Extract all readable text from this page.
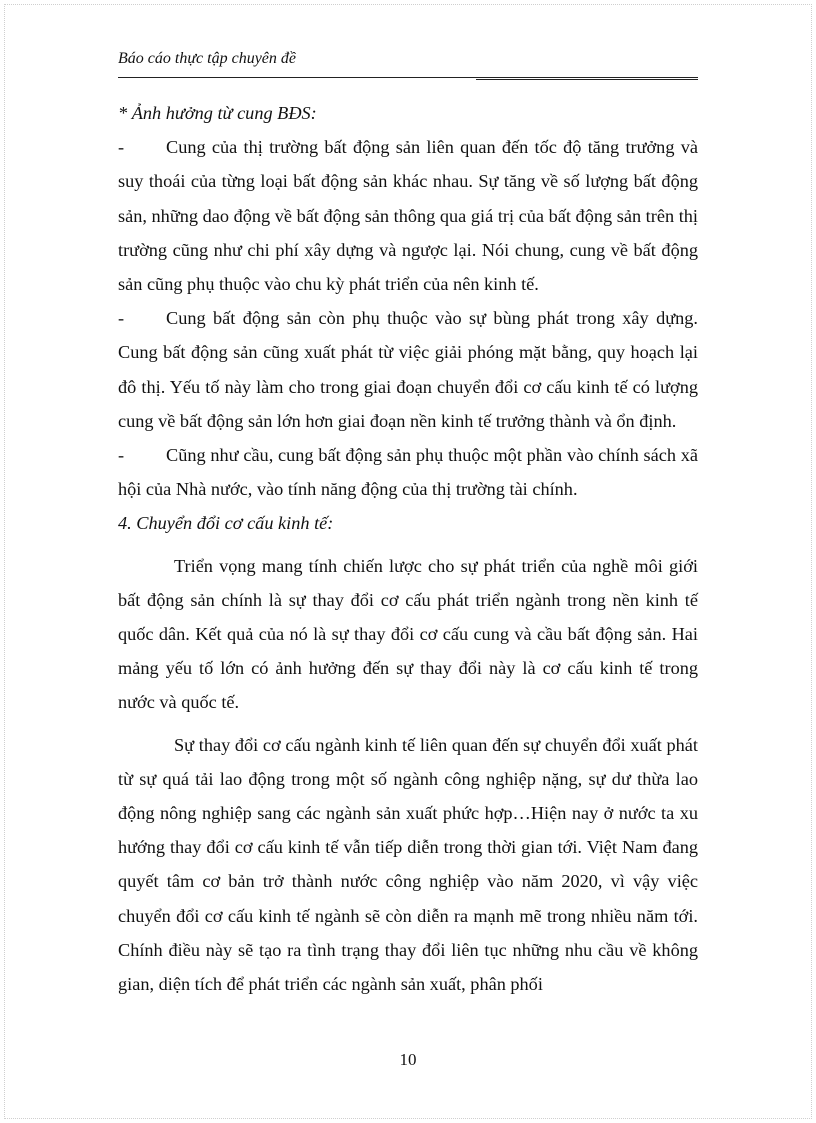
Báo cáo thực tập chuyên đề

* Ảnh hưởng từ cung BĐS:

- Cung của thị trường bất động sản liên quan đến tốc độ tăng trưởng và suy thoái của từng loại bất động sản khác nhau. Sự tăng về số lượng bất động sản, những dao động về bất động sản thông qua giá trị của bất động sản trên thị trường cũng như chi phí xây dựng và ngược lại. Nói chung, cung về bất động sản cũng phụ thuộc vào chu kỳ phát triển của nên kinh tế.

- Cung bất động sản còn phụ thuộc vào sự bùng phát trong xây dựng. Cung bất động sản cũng xuất phát từ việc giải phóng mặt bằng, quy hoạch lại đô thị. Yếu tố này làm cho trong giai đoạn chuyển đổi cơ cấu kinh tế có lượng cung về bất động sản lớn hơn giai đoạn nền kinh tế trưởng thành và ổn định.

- Cũng như cầu, cung bất động sản phụ thuộc một phần vào chính sách xã hội của Nhà nước, vào tính năng động của thị trường tài chính.

4. Chuyển đổi cơ cấu kinh tế:

Triển vọng mang tính chiến lược cho sự phát triển của nghề môi giới bất động sản chính là sự thay đổi cơ cấu phát triển ngành trong nền kinh tế quốc dân. Kết quả của nó là sự thay đổi cơ cấu cung và cầu bất động sản. Hai mảng yếu tố lớn có ảnh hưởng đến sự thay đổi này là cơ cấu kinh tế trong nước và quốc tế.

Sự thay đổi cơ cấu ngành kinh tế liên quan đến sự chuyển đổi xuất phát từ sự quá tải lao động trong một số ngành công nghiệp nặng, sự dư thừa lao động nông nghiệp sang các ngành sản xuất phức hợp…Hiện nay ở nước ta xu hướng thay đổi cơ cấu kinh tế vẫn tiếp diễn trong thời gian tới. Việt Nam đang quyết tâm cơ bản trở thành nước công nghiệp vào năm 2020, vì vậy việc chuyển đổi cơ cấu kinh tế ngành sẽ còn diễn ra mạnh mẽ trong nhiều năm tới. Chính điều này sẽ tạo ra tình trạng thay đổi liên tục những nhu cầu về không gian, diện tích để phát triển các ngành sản xuất, phân phối

10
